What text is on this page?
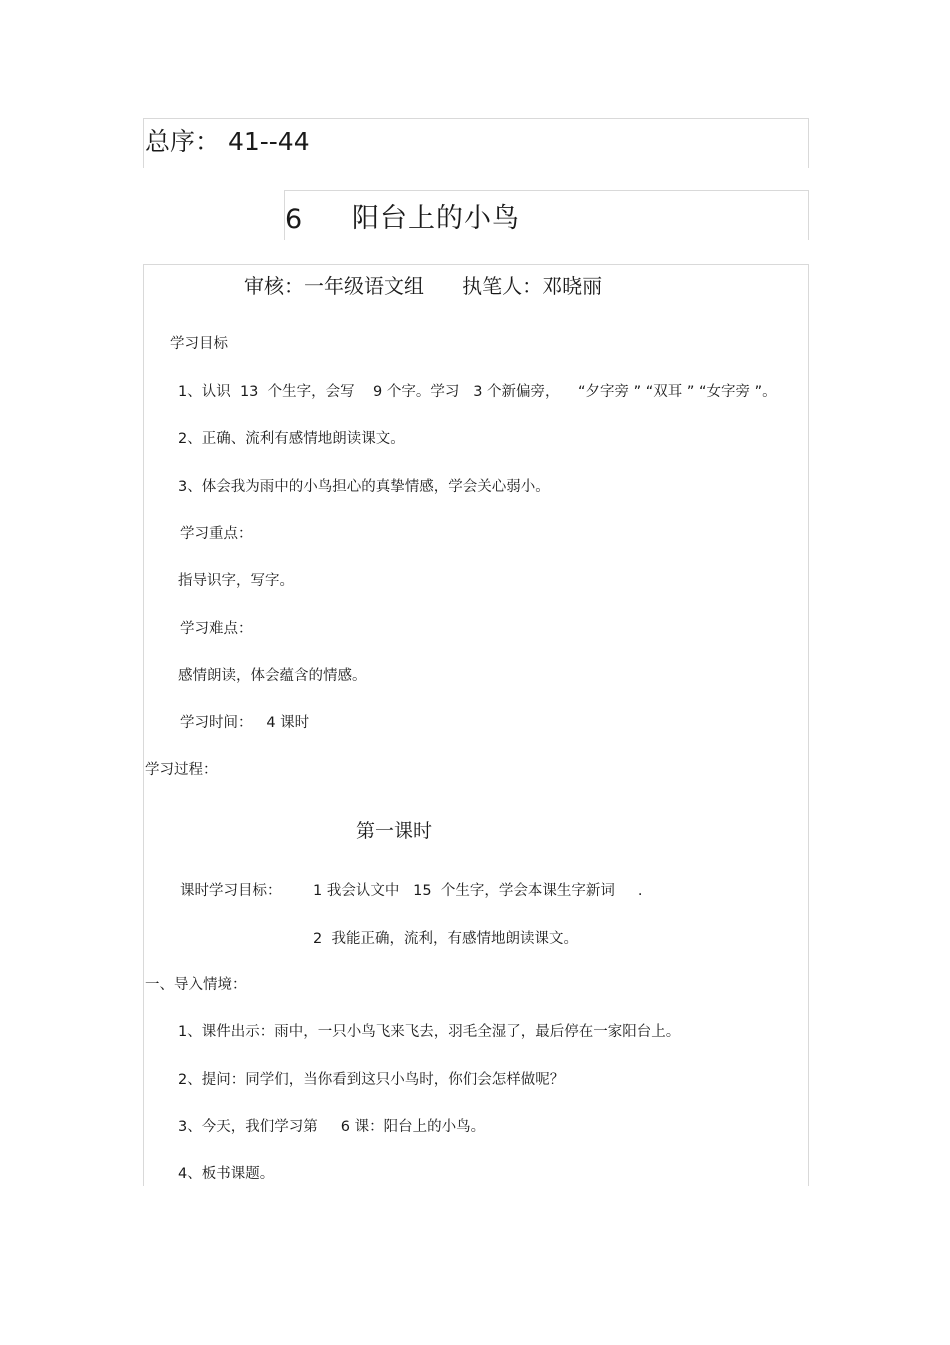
总序： 41--44
6 阳台上的小鸟
审核：一年级语文组      执笔人：邓晓丽
学习目标
1、认识  13  个生字，会写    9 个字。学习   3 个新偏旁，    “夕字旁 ” “双耳 ” “女字旁 ”。
2、正确、流利有感情地朗读课文。
3、体会我为雨中的小鸟担心的真挚情感，学会关心弱小。
学习重点：
指导识字，写字。
学习难点：
感情朗读，体会蕴含的情感。
学习时间：   4 课时
学习过程：
第一课时
课时学习目标： 1 我会认文中   15  个生字，学会本课生字新词     .
2  我能正确，流利，有感情地朗读课文。
一、导入情境：
1、课件出示：雨中，一只小鸟飞来飞去，羽毛全湿了，最后停在一家阳台上。
2、提问：同学们，当你看到这只小鸟时，你们会怎样做呢？
3、今天，我们学习第     6 课：阳台上的小鸟。
4、板书课题。
